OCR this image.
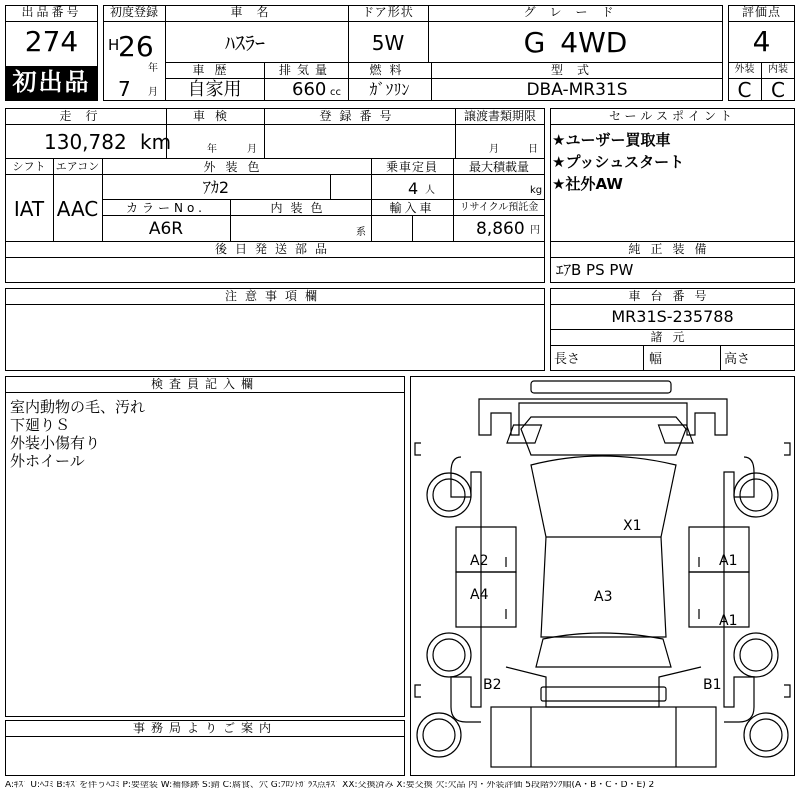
出品番号
274
初出品
初度登録
H
26
年
7 月
車名
ﾊｽﾗｰ
ドア形状
5W
グレード
G 4WD
車歴
自家用
排気量
660 cc
燃料
ｶﾞｿﾘﾝ
型式
DBA-MR31S
評価点
4
外装	内装
C C
走行
130,782 km
車検
年	月
登録番号	譲渡書類期限
月	日
シフト
IAT
エアコン
AAC
外装色
ｱｶ2
乗車定員
4 人
最大積載量
kg
カラーNo.
A6R
内装色
系
輸入車	リサイクル預託金
8,860 円
後日発送部品
セールスポイント
★ユーザー買取車
★プッシュスタート
★社外AW
純正装備
ｴｱB PS PW
注意事項欄	車台番号
MR31S-235788
諸元
長さ	幅	高さ
検査員記入欄
室内動物の毛、汚れ
下廻りＳ
外装小傷有り
外ホイール
事務局よりご案内
X1
A2	A1
A4	A3
A1
B2	B1
A:ｷｽﾞ U:ﾍｺﾐ B:ｷｽﾞを伴うﾍｺﾐ P:要塗装 W:補修跡 S:錆 C:腐食、穴 G:ﾌﾛﾝﾄｶﾞﾗｽ点ｷｽﾞ XX:交換済み X:要交換 欠:欠品 内・外装評価 5段階ﾗﾝｸ順(A・B・C・D・E) 2
